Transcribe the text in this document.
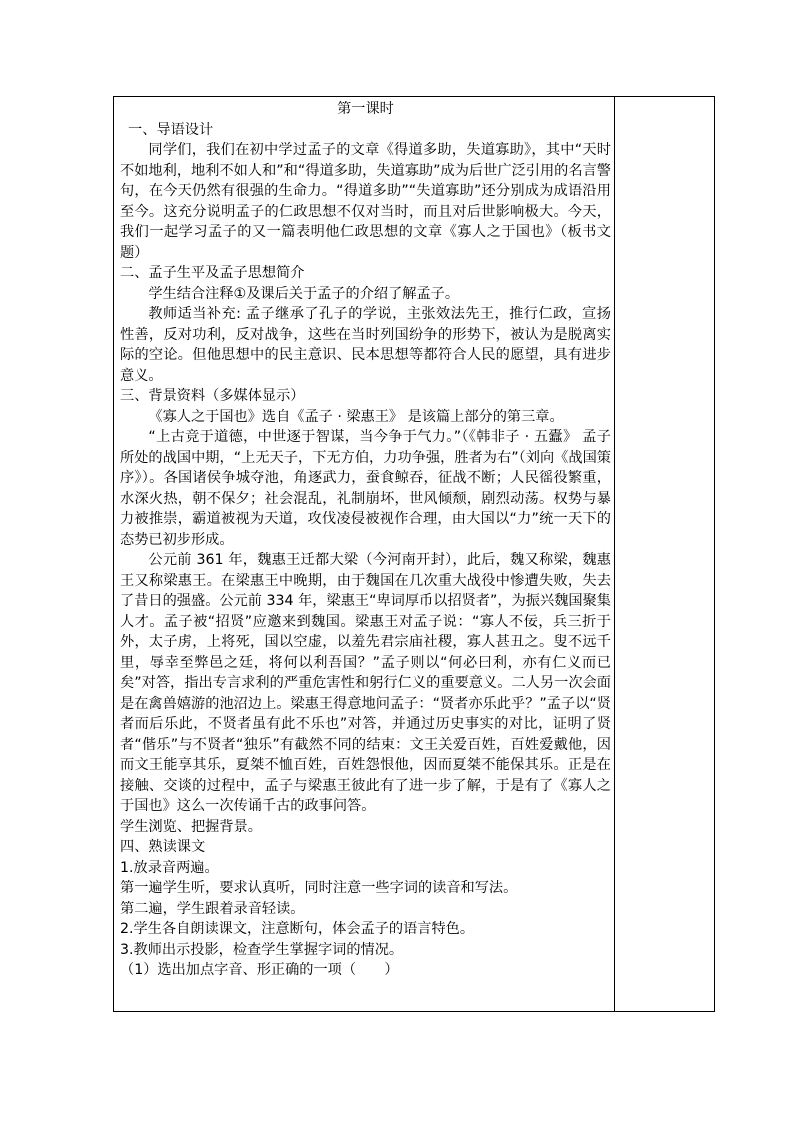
第一课时

一、导语设计

同学们，我们在初中学过孟子的文章《得道多助，失道寡助》，其中“天时不如地利，地利不如人和”和“得道多助，失道寡助”成为后世广泛引用的名言警句，在今天仍然有很强的生命力。“得道多助”“失道寡助”还分别成为成语沿用至今。这充分说明孟子的仁政思想不仅对当时，而且对后世影响极大。今天，我们一起学习孟子的又一篇表明他仁政思想的文章《寡人之于国也》（板书文题）

二、孟子生平及孟子思想简介

学生结合注释①及课后关于孟子的介绍了解孟子。

教师适当补充: 孟子继承了孔子的学说，主张效法先王，推行仁政，宣扬性善，反对功利，反对战争，这些在当时列国纷争的形势下，被认为是脱离实际的空论。但他思想中的民主意识、民本思想等都符合人民的愿望，具有进步意义。

三、背景资料（多媒体显示）

《寡人之于国也》选自《孟子 · 梁惠王》 是该篇上部分的第三章。

“上古竞于道德，中世逐于智谋，当今争于气力。”（《韩非子 · 五蠹》 孟子所处的战国中期，“上无天子，下无方伯，力功争强，胜者为右”（刘向《战国策序》）。各国诸侯争城夺池，角逐武力，蚕食鲸吞，征战不断；人民徭役繁重，水深火热，朝不保夕；社会混乱，礼制崩坏，世风倾颓，剧烈动荡。权势与暴力被推崇，霸道被视为天道，攻伐凌侵被视作合理，由大国以“力”统一天下的态势已初步形成。

公元前 361 年，魏惠王迁都大梁（今河南开封），此后，魏又称梁，魏惠王又称梁惠王。在梁惠王中晚期，由于魏国在几次重大战役中惨遭失败，失去了昔日的强盛。公元前 334 年，梁惠王“卑词厚币以招贤者”，为振兴魏国聚集人才。孟子被“招贤”应邀来到魏国。梁惠王对孟子说：“寡人不佞，兵三折于外，太子虏，上将死，国以空虚，以羞先君宗庙社稷，寡人甚丑之。叟不远千里，辱幸至弊邑之廷，将何以利吾国？”孟子则以“何必曰利，亦有仁义而已矣”对答，指出专言求利的严重危害性和躬行仁义的重要意义。二人另一次会面是在禽兽嬉游的池沼边上。梁惠王得意地问孟子：“贤者亦乐此乎？”孟子以“贤者而后乐此，不贤者虽有此不乐也”对答，并通过历史事实的对比，证明了贤者“偕乐”与不贤者“独乐”有截然不同的结束：文王关爱百姓，百姓爱戴他，因而文王能享其乐，夏桀不恤百姓，百姓怨恨他，因而夏桀不能保其乐。正是在接触、交谈的过程中，孟子与梁惠王彼此有了进一步了解，于是有了《寡人之于国也》这么一次传诵千古的政事问答。

学生浏览、把握背景。

四、熟读课文

1.放录音两遍。

第一遍学生听，要求认真听，同时注意一些字词的读音和写法。

第二遍，学生跟着录音轻读。

2.学生各自朗读课文，注意断句，体会孟子的语言特色。

3.教师出示投影，检查学生掌握字词的情况。

（1）选出加点字音、形正确的一项（　　）
